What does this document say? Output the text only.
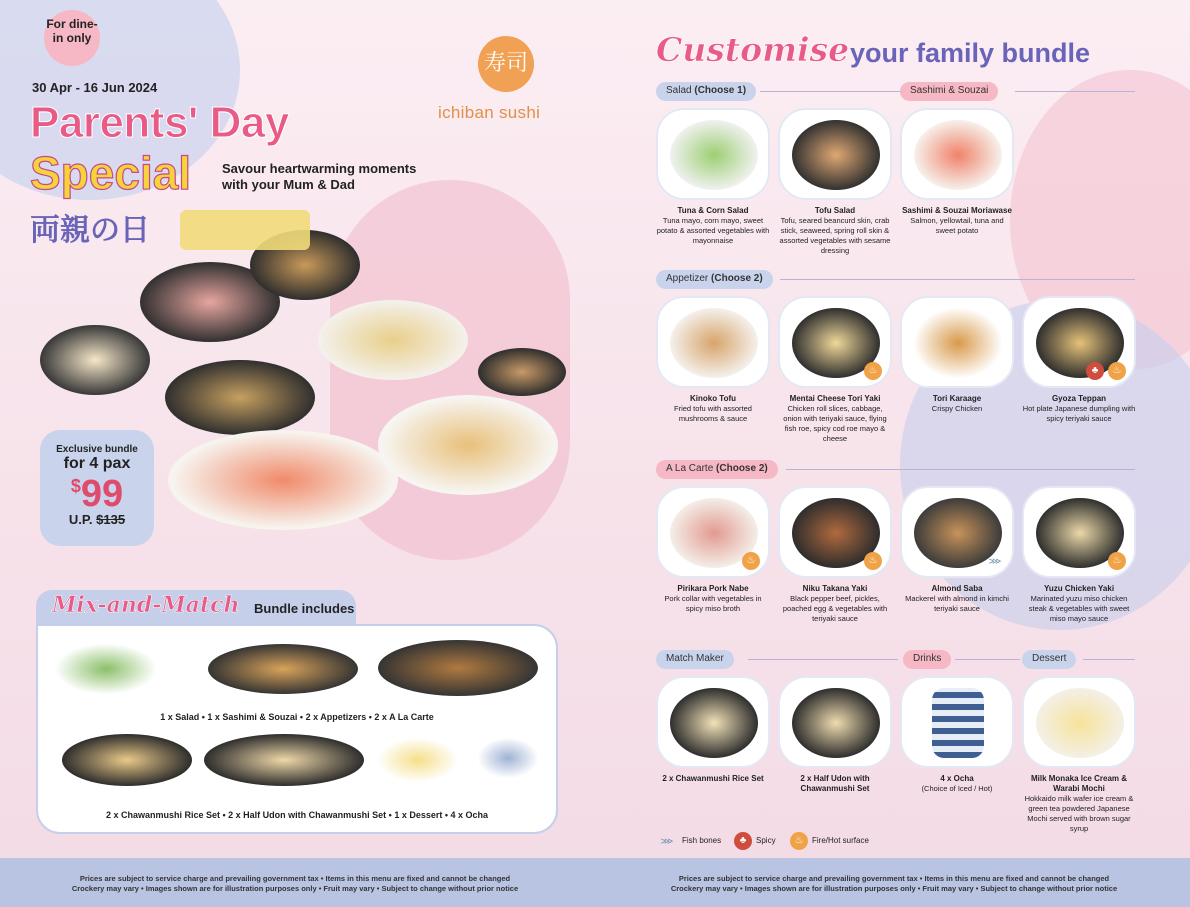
For dine-in only
30 Apr - 16 Jun 2024
Parents' Day
Special Savour heartwarming moments with your Mum & Dad
両親の日
寿司
ichiban sushi
Exclusive bundle
for 4 pax
$99
U.P. $135
Mix-and-Match Bundle includes
1 x Salad • 1 x Sashimi & Souzai • 2 x Appetizers • 2 x A La Carte
2 x Chawanmushi Rice Set • 2 x Half Udon with Chawanmushi Set • 1 x Dessert • 4 x Ocha
Customise your family bundle
Salad (Choose 1)	Sashimi & Souzai
Tuna & Corn Salad
Tuna mayo, corn mayo, sweet potato & assorted vegetables with mayonnaise
Tofu Salad
Tofu, seared beancurd skin, crab stick, seaweed, spring roll skin & assorted vegetables with sesame dressing
Sashimi & Souzai Moriawase
Salmon, yellowtail, tuna and sweet potato
Appetizer (Choose 2)
Kinoko Tofu
Fried tofu with assorted mushrooms & sauce
♨
Mentai Cheese Tori Yaki
Chicken roll slices, cabbage, onion with teriyaki sauce, flying fish roe, spicy cod roe mayo & cheese
Tori Karaage
Crispy Chicken
♣	♨
Gyoza Teppan
Hot plate Japanese dumpling with spicy teriyaki sauce
A La Carte (Choose 2)
♨
Pirikara Pork Nabe
Pork collar with vegetables in spicy miso broth
♨
Niku Takana Yaki
Black pepper beef, pickles, poached egg & vegetables with teriyaki sauce
⋙
Almond Saba
Mackerel with almond in kimchi teriyaki sauce
♨
Yuzu Chicken Yaki
Marinated yuzu miso chicken steak & vegetables with sweet miso mayo sauce
Match Maker	Drinks	Dessert
2 x Chawanmushi Rice Set	2 x Half Udon with Chawanmushi Set
4 x Ocha
(Choice of Iced / Hot)
Milk Monaka Ice Cream & Warabi Mochi
Hokkaido milk wafer ice cream & green tea powdered Japanese Mochi served with brown sugar syrup
⋙ Fish bones	♣ Spicy	♨ Fire/Hot surface
Prices are subject to service charge and prevailing government tax • Items in this menu are fixed and cannot be changed
Crockery may vary • Images shown are for illustration purposes only • Fruit may vary • Subject to change without prior notice
Prices are subject to service charge and prevailing government tax • Items in this menu are fixed and cannot be changed
Crockery may vary • Images shown are for illustration purposes only • Fruit may vary • Subject to change without prior notice
